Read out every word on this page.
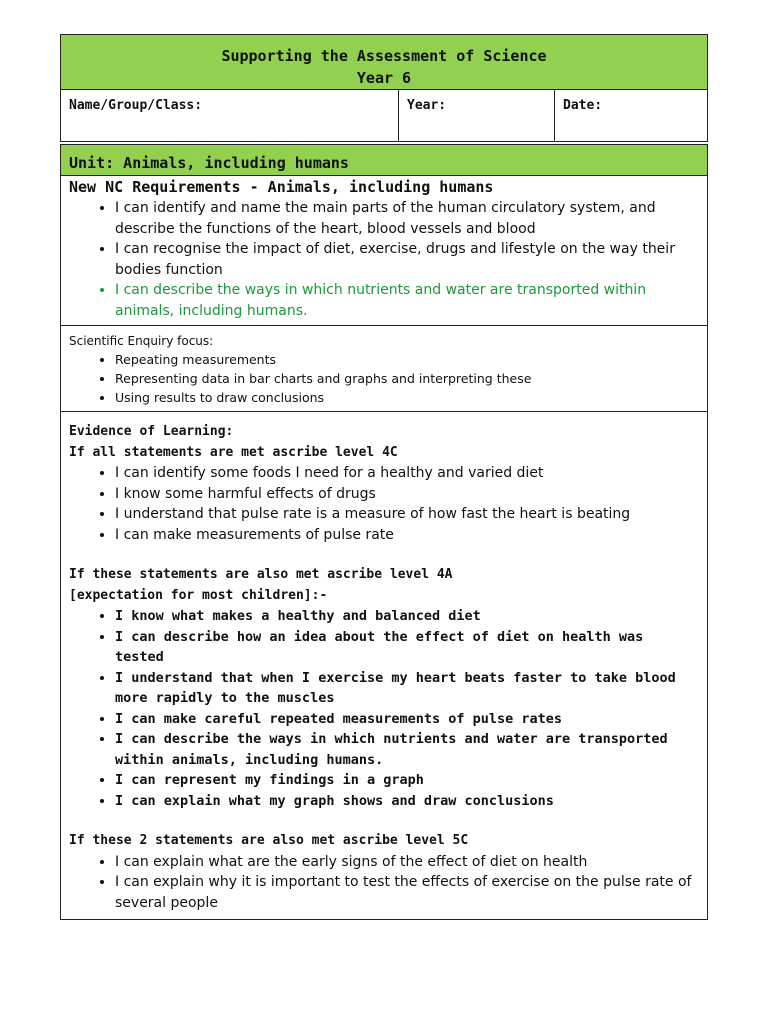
Supporting the Assessment of Science
Year 6
Name/Group/Class:	Year:	Date:
Unit: Animals, including humans
New NC Requirements - Animals, including humans
• I can identify and name the main parts of the human circulatory system, and describe the functions of the heart, blood vessels and blood
• I can recognise the impact of diet, exercise, drugs and lifestyle on the way their bodies function
• I can describe the ways in which nutrients and water are transported within animals, including humans.
Scientific Enquiry focus:
• Repeating measurements
• Representing data in bar charts and graphs and interpreting these
• Using results to draw conclusions
Evidence of Learning:
If all statements are met ascribe level 4C
• I can identify some foods I need for a healthy and varied diet
• I know some harmful effects of drugs
• I understand that pulse rate is a measure of how fast the heart is beating
• I can make measurements of pulse rate
If these statements are also met ascribe level 4A
[expectation for most children]:-
• I know what makes a healthy and balanced diet
• I can describe how an idea about the effect of diet on health was tested
• I understand that when I exercise my heart beats faster to take blood more rapidly to the muscles
• I can make careful repeated measurements of pulse rates
• I can describe the ways in which nutrients and water are transported within animals, including humans.
• I can represent my findings in a graph
• I can explain what my graph shows and draw conclusions
If these 2 statements are also met ascribe level 5C
• I can explain what are the early signs of the effect of diet on health
• I can explain why it is important to test the effects of exercise on the pulse rate of several people
